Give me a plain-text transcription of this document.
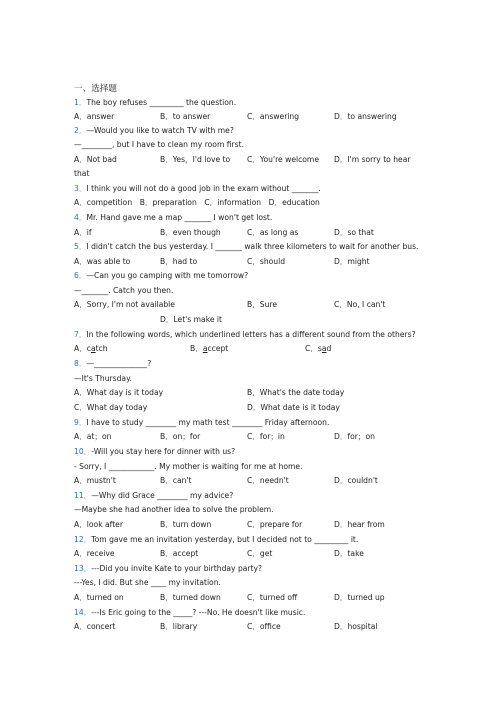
一、选择题
1．The boy refuses _________ the question.
A．answer	B．to answer	C．answering	D．to answering
2．—Would you like to watch TV with me?
—________, but I have to clean my room first.
A．Not bad	B．Yes，I'd love to C．You're welcome D．I'm sorry to hear
that
3．I think you will not do a good job in the exam without _______.
A．competition　B．preparation　C．information　D．education
4．Mr. Hand gave me a map _______ I won't get lost.
A．if	B．even though	C．as long as	D．so that
5．I didn't catch the bus yesterday. I _______ walk three kilometers to wait for another bus.
A．was able to	B．had to	C．should	D．might
6．—Can you go camping with me tomorrow?
—_______. Catch you then.
A．Sorry, I'm not available	B．Sure	C．No, I can't
D．Let's make it
7．In the following words, which underlined letters has a different sound from the others?
A．catch	B．accept	C．sad
8．—______________?
—It's Thursday.
A．What day is it today	B．What's the date today
C．What day today	D．What date is it today
9．I have to study ________ my math test ________ Friday afternoon.
A．at；on	B．on；for	C．for；in	D．for；on
10．-Will you stay here for dinner with us?
- Sorry, I ____________. My mother is waiting for me at home.
A．mustn't	B．can't	C．needn't	D．couldn't
11．—Why did Grace ________ my advice?
—Maybe she had another idea to solve the problem.
A．look after	B．turn down	C．prepare for	D．hear from
12．Tom gave me an invitation yesterday, but I decided not to _________ it.
A．receive	B．accept	C．get	D．take
13．---Did you invite Kate to your birthday party?
---Yes, I did. But she ____ my invitation.
A．turned on	B．turned down	C．turned off	D．turned up
14．---Is Eric going to the _____? ---No. He doesn't like music.
A．concert	B．library	C．office	D．hospital
